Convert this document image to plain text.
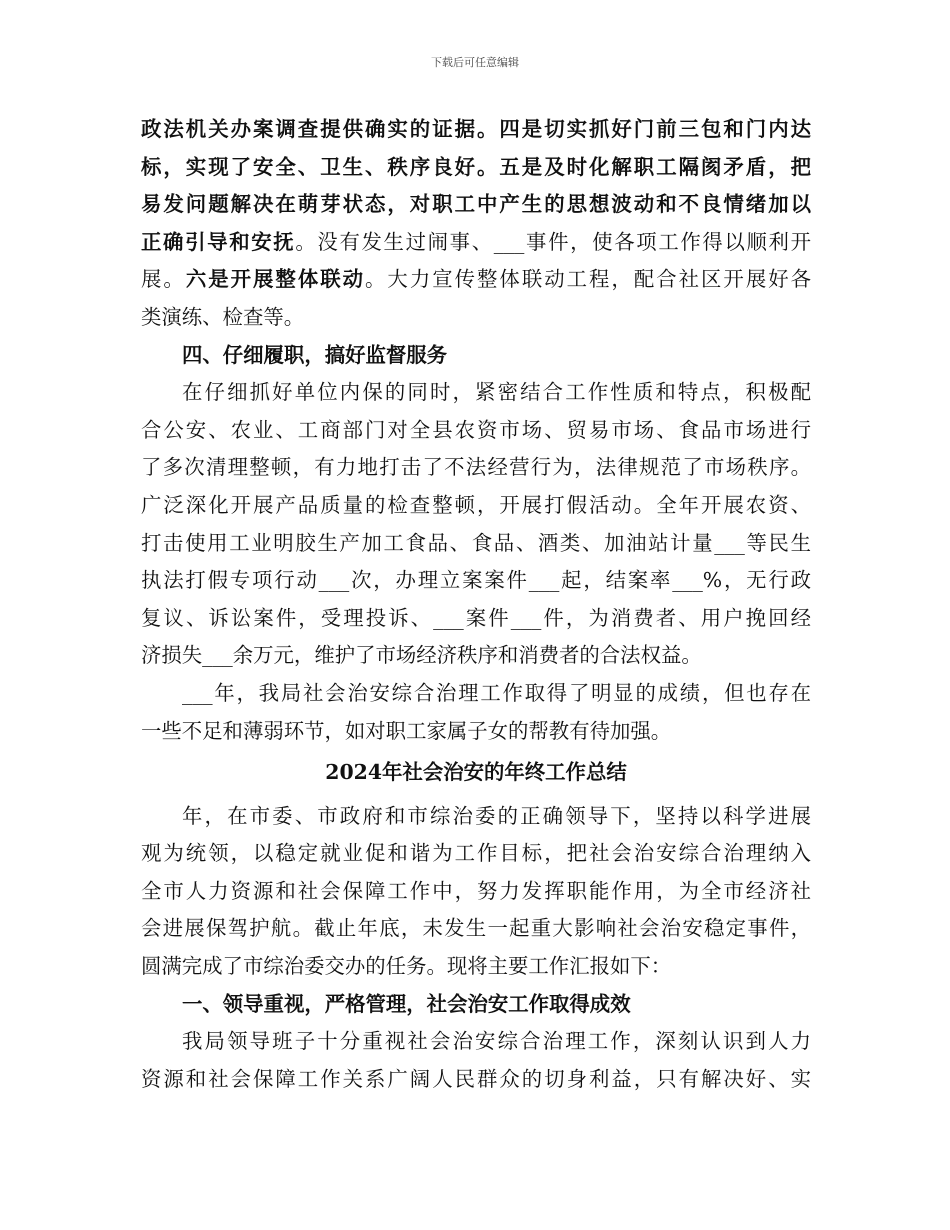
下载后可任意编辑
政法机关办案调查提供确实的证据。四是切实抓好门前三包和门内达
标，实现了安全、卫生、秩序良好。五是及时化解职工隔阂矛盾，把
易发问题解决在萌芽状态，对职工中产生的思想波动和不良情绪加以
正确引导和安抚。没有发生过闹事、___事件，使各项工作得以顺利开
展。六是开展整体联动。大力宣传整体联动工程，配合社区开展好各
类演练、检查等。
四、仔细履职，搞好监督服务
在仔细抓好单位内保的同时，紧密结合工作性质和特点，积极配
合公安、农业、工商部门对全县农资市场、贸易市场、食品市场进行
了多次清理整顿，有力地打击了不法经营行为，法律规范了市场秩序。
广泛深化开展产品质量的检查整顿，开展打假活动。全年开展农资、
打击使用工业明胶生产加工食品、食品、酒类、加油站计量___等民生
执法打假专项行动___次，办理立案案件___起，结案率___%，无行政
复议、诉讼案件，受理投诉、___案件___件，为消费者、用户挽回经
济损失___余万元，维护了市场经济秩序和消费者的合法权益。
___年，我局社会治安综合治理工作取得了明显的成绩，但也存在
一些不足和薄弱环节，如对职工家属子女的帮教有待加强。
2024年社会治安的年终工作总结
年，在市委、市政府和市综治委的正确领导下，坚持以科学进展
观为统领，以稳定就业促和谐为工作目标，把社会治安综合治理纳入
全市人力资源和社会保障工作中，努力发挥职能作用，为全市经济社
会进展保驾护航。截止年底，未发生一起重大影响社会治安稳定事件，
圆满完成了市综治委交办的任务。现将主要工作汇报如下：
一、领导重视，严格管理，社会治安工作取得成效
我局领导班子十分重视社会治安综合治理工作，深刻认识到人力
资源和社会保障工作关系广阔人民群众的切身利益，只有解决好、实
